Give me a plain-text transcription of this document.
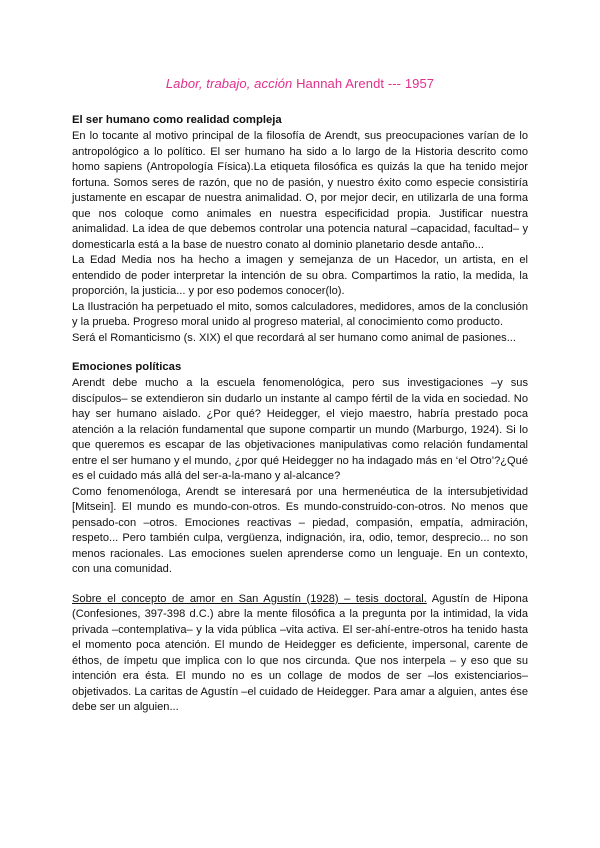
Labor, trabajo, acción Hannah Arendt --- 1957
El ser humano como realidad compleja

En lo tocante al motivo principal de la filosofía de Arendt, sus preocupaciones varían de lo antropológico a lo político. El ser humano ha sido a lo largo de la Historia descrito como homo sapiens (Antropología Física).La etiqueta filosófica es quizás la que ha tenido mejor fortuna. Somos seres de razón, que no de pasión, y nuestro éxito como especie consistiría justamente en escapar de nuestra animalidad. O, por mejor decir, en utilizarla de una forma que nos coloque como animales en nuestra especificidad propia. Justificar nuestra animalidad. La idea de que debemos controlar una potencia natural –capacidad, facultad– y domesticarla está a la base de nuestro conato al dominio planetario desde antaño...

La Edad Media nos ha hecho a imagen y semejanza de un Hacedor, un artista, en el entendido de poder interpretar la intención de su obra. Compartimos la ratio, la medida, la proporción, la justicia... y por eso podemos conocer(lo).

La Ilustración ha perpetuado el mito, somos calculadores, medidores, amos de la conclusión y la prueba. Progreso moral unido al progreso material, al conocimiento como producto.

Será el Romanticismo (s. XIX) el que recordará al ser humano como animal de pasiones...

Emociones políticas

Arendt debe mucho a la escuela fenomenológica, pero sus investigaciones –y sus discípulos– se extendieron sin dudarlo un instante al campo fértil de la vida en sociedad. No hay ser humano aislado. ¿Por qué? Heidegger, el viejo maestro, habría prestado poca atención a la relación fundamental que supone compartir un mundo (Marburgo, 1924). Si lo que queremos es escapar de las objetivaciones manipulativas como relación fundamental entre el ser humano y el mundo, ¿por qué Heidegger no ha indagado más en ‘el Otro’?¿Qué es el cuidado más allá del ser-a-la-mano y al-alcance?

Como fenomenóloga, Arendt se interesará por una hermenéutica de la intersubjetividad [Mitsein]. El mundo es mundo-con-otros. Es mundo-construido-con-otros. No menos que pensado-con –otros. Emociones reactivas – piedad, compasión, empatía, admiración, respeto... Pero también culpa, vergüenza, indignación, ira, odio, temor, desprecio... no son menos racionales. Las emociones suelen aprenderse como un lenguaje. En un contexto, con una comunidad.

Sobre el concepto de amor en San Agustín (1928) – tesis doctoral. Agustín de Hipona (Confesiones, 397-398 d.C.) abre la mente filosófica a la pregunta por la intimidad, la vida privada –contemplativa– y la vida pública –vita activa. El ser-ahí-entre-otros ha tenido hasta el momento poca atención. El mundo de Heidegger es deficiente, impersonal, carente de éthos, de ímpetu que implica con lo que nos circunda. Que nos interpela – y eso que su intención era ésta. El mundo no es un collage de modos de ser –los existenciarios– objetivados. La caritas de Agustín –el cuidado de Heidegger. Para amar a alguien, antes ése debe ser un alguien...
